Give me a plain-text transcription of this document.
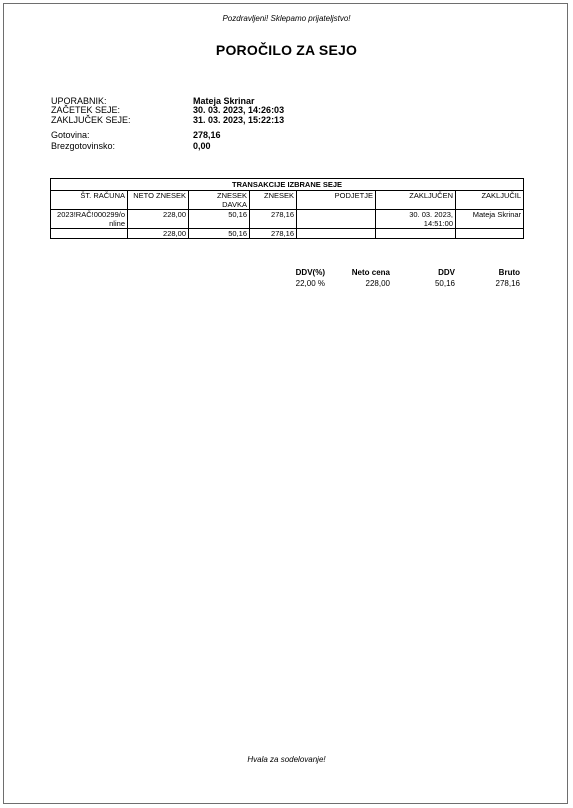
Pozdravljeni! Sklepamo prijateljstvo!
POROČILO ZA SEJO
UPORABNIK:	Mateja Skrinar
ZAČETEK SEJE:	30. 03. 2023, 14:26:03
ZAKLJUČEK SEJE:	31. 03. 2023, 15:22:13
Gotovina:	278,16
Brezgotovinsko:	0,00
TRANSAKCIJE IZBRANE SEJE						
ŠT. RAČUNA	NETO ZNESEK	ZNESEK DAVKA	ZNESEK	PODJETJE	ZAKLJUČEN	ZAKLJUČIL
2023!RAČ!000299/online	228,00	50,16	278,16		30. 03. 2023, 14:51:00	Mateja Skrinar
	228,00	50,16	278,16			
DDV(%)	Neto cena	DDV	Bruto
22,00 %	228,00	50,16	278,16
Hvala za sodelovanje!
